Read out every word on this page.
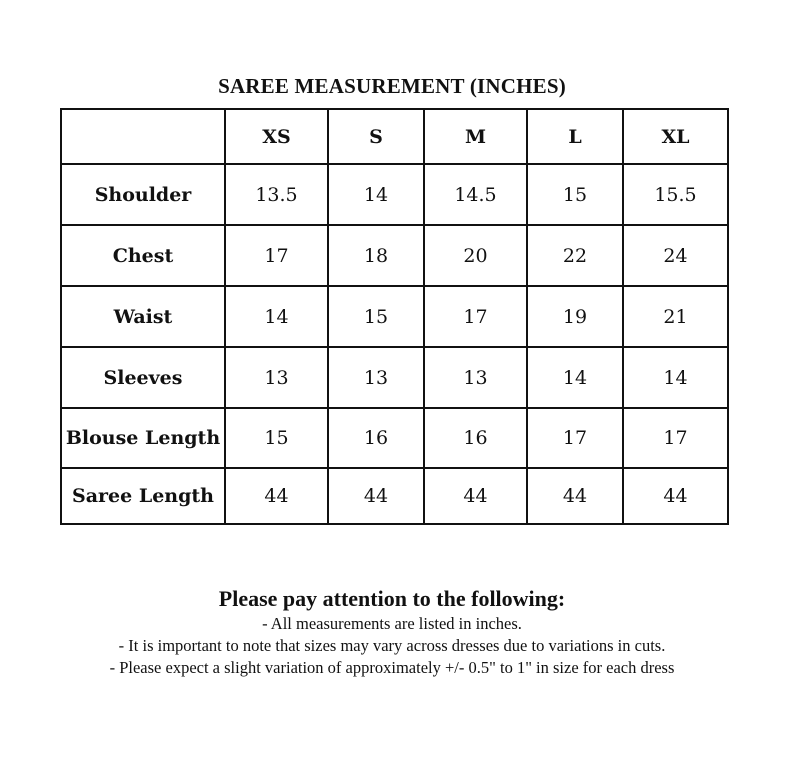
SAREE MEASUREMENT (INCHES)
	XS	S	M	L	XL
Shoulder	13.5	14	14.5	15	15.5
Chest	17	18	20	22	24
Waist	14	15	17	19	21
Sleeves	13	13	13	14	14
Blouse Length	15	16	16	17	17
Saree Length	44	44	44	44	44
Please pay attention to the following:
- All measurements are listed in inches.
- It is important to note that sizes may vary across dresses due to variations in cuts.
- Please expect a slight variation of approximately +/- 0.5" to 1" in size for each dress
